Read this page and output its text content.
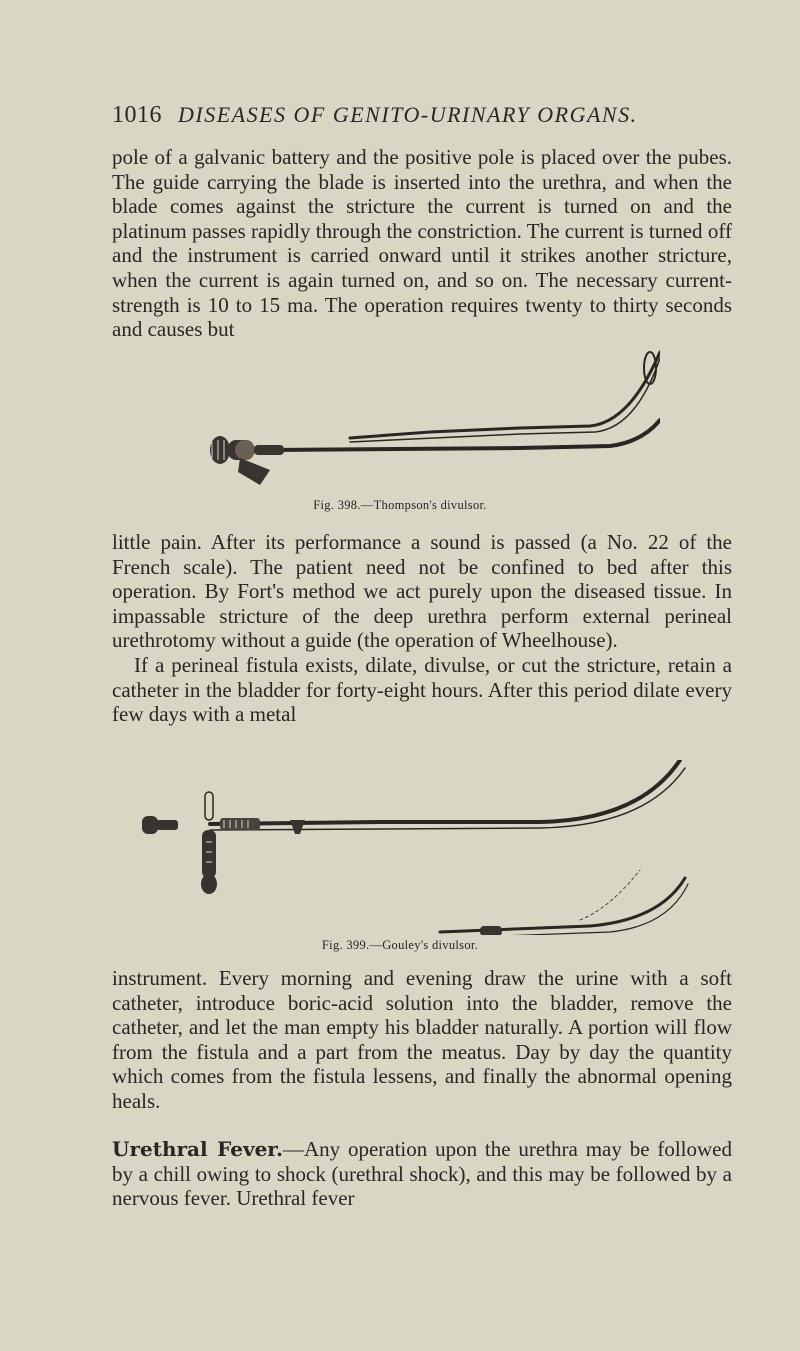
1016 DISEASES OF GENITO-URINARY ORGANS.
pole of a galvanic battery and the positive pole is placed over the pubes. The guide carrying the blade is inserted into the urethra, and when the blade comes against the stricture the current is turned on and the platinum passes rapidly through the constriction. The current is turned off and the instrument is carried onward until it strikes another stricture, when the current is again turned on, and so on. The necessary current-strength is 10 to 15 ma. The operation requires twenty to thirty seconds and causes but
Fig. 398.—Thompson's divulsor.
little pain. After its performance a sound is passed (a No. 22 of the French scale). The patient need not be confined to bed after this operation. By Fort's method we act purely upon the diseased tissue. In impassable stricture of the deep urethra perform external perineal urethrotomy without a guide (the operation of Wheelhouse).
If a perineal fistula exists, dilate, divulse, or cut the stricture, retain a catheter in the bladder for forty-eight hours. After this period dilate every few days with a metal
Fig. 399.—Gouley's divulsor.
instrument. Every morning and evening draw the urine with a soft catheter, introduce boric-acid solution into the bladder, remove the catheter, and let the man empty his bladder naturally. A portion will flow from the fistula and a part from the meatus. Day by day the quantity which comes from the fistula lessens, and finally the abnormal opening heals.
Urethral Fever.—Any operation upon the urethra may be followed by a chill owing to shock (urethral shock), and this may be followed by a nervous fever. Urethral fever
